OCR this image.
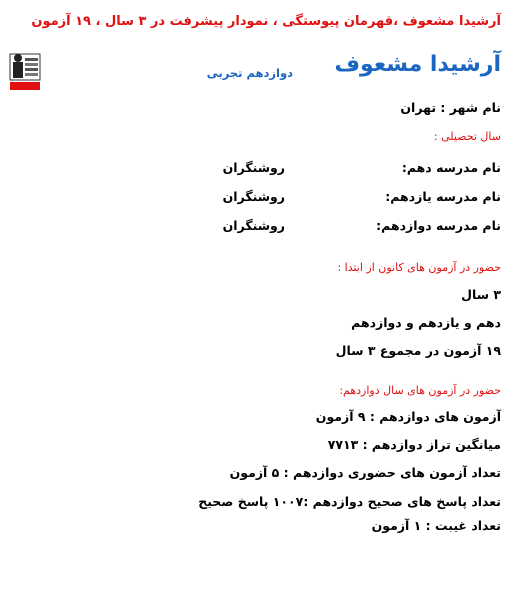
آرشیدا مشعوف ،قهرمان پیوستگی ، نمودار پیشرفت در ۳ سال ، ۱۹ آزمون
آرشیدا مشعوف
دوازدهم تجربی
نام شهر : تهران
سال تحصیلی :
نام مدرسه دهم:
روشنگران
نام مدرسه یازدهم:
روشنگران
نام مدرسه دوازدهم:
روشنگران
حضور در آزمون های کانون از ابتدا :
۳ سال
دهم و یازدهم و دوازدهم
۱۹ آزمون در مجموع ۳ سال
حضور در آزمون های سال دوازدهم:
آزمون های دوازدهم : ۹ آزمون
میانگین تراز دوازدهم : ۷۷۱۳
تعداد آزمون های حضوری دوازدهم : ۵ آزمون
تعداد پاسخ های صحیح دوازدهم :۱۰۰۷ پاسخ صحیح
تعداد غیبت : ۱ آزمون
